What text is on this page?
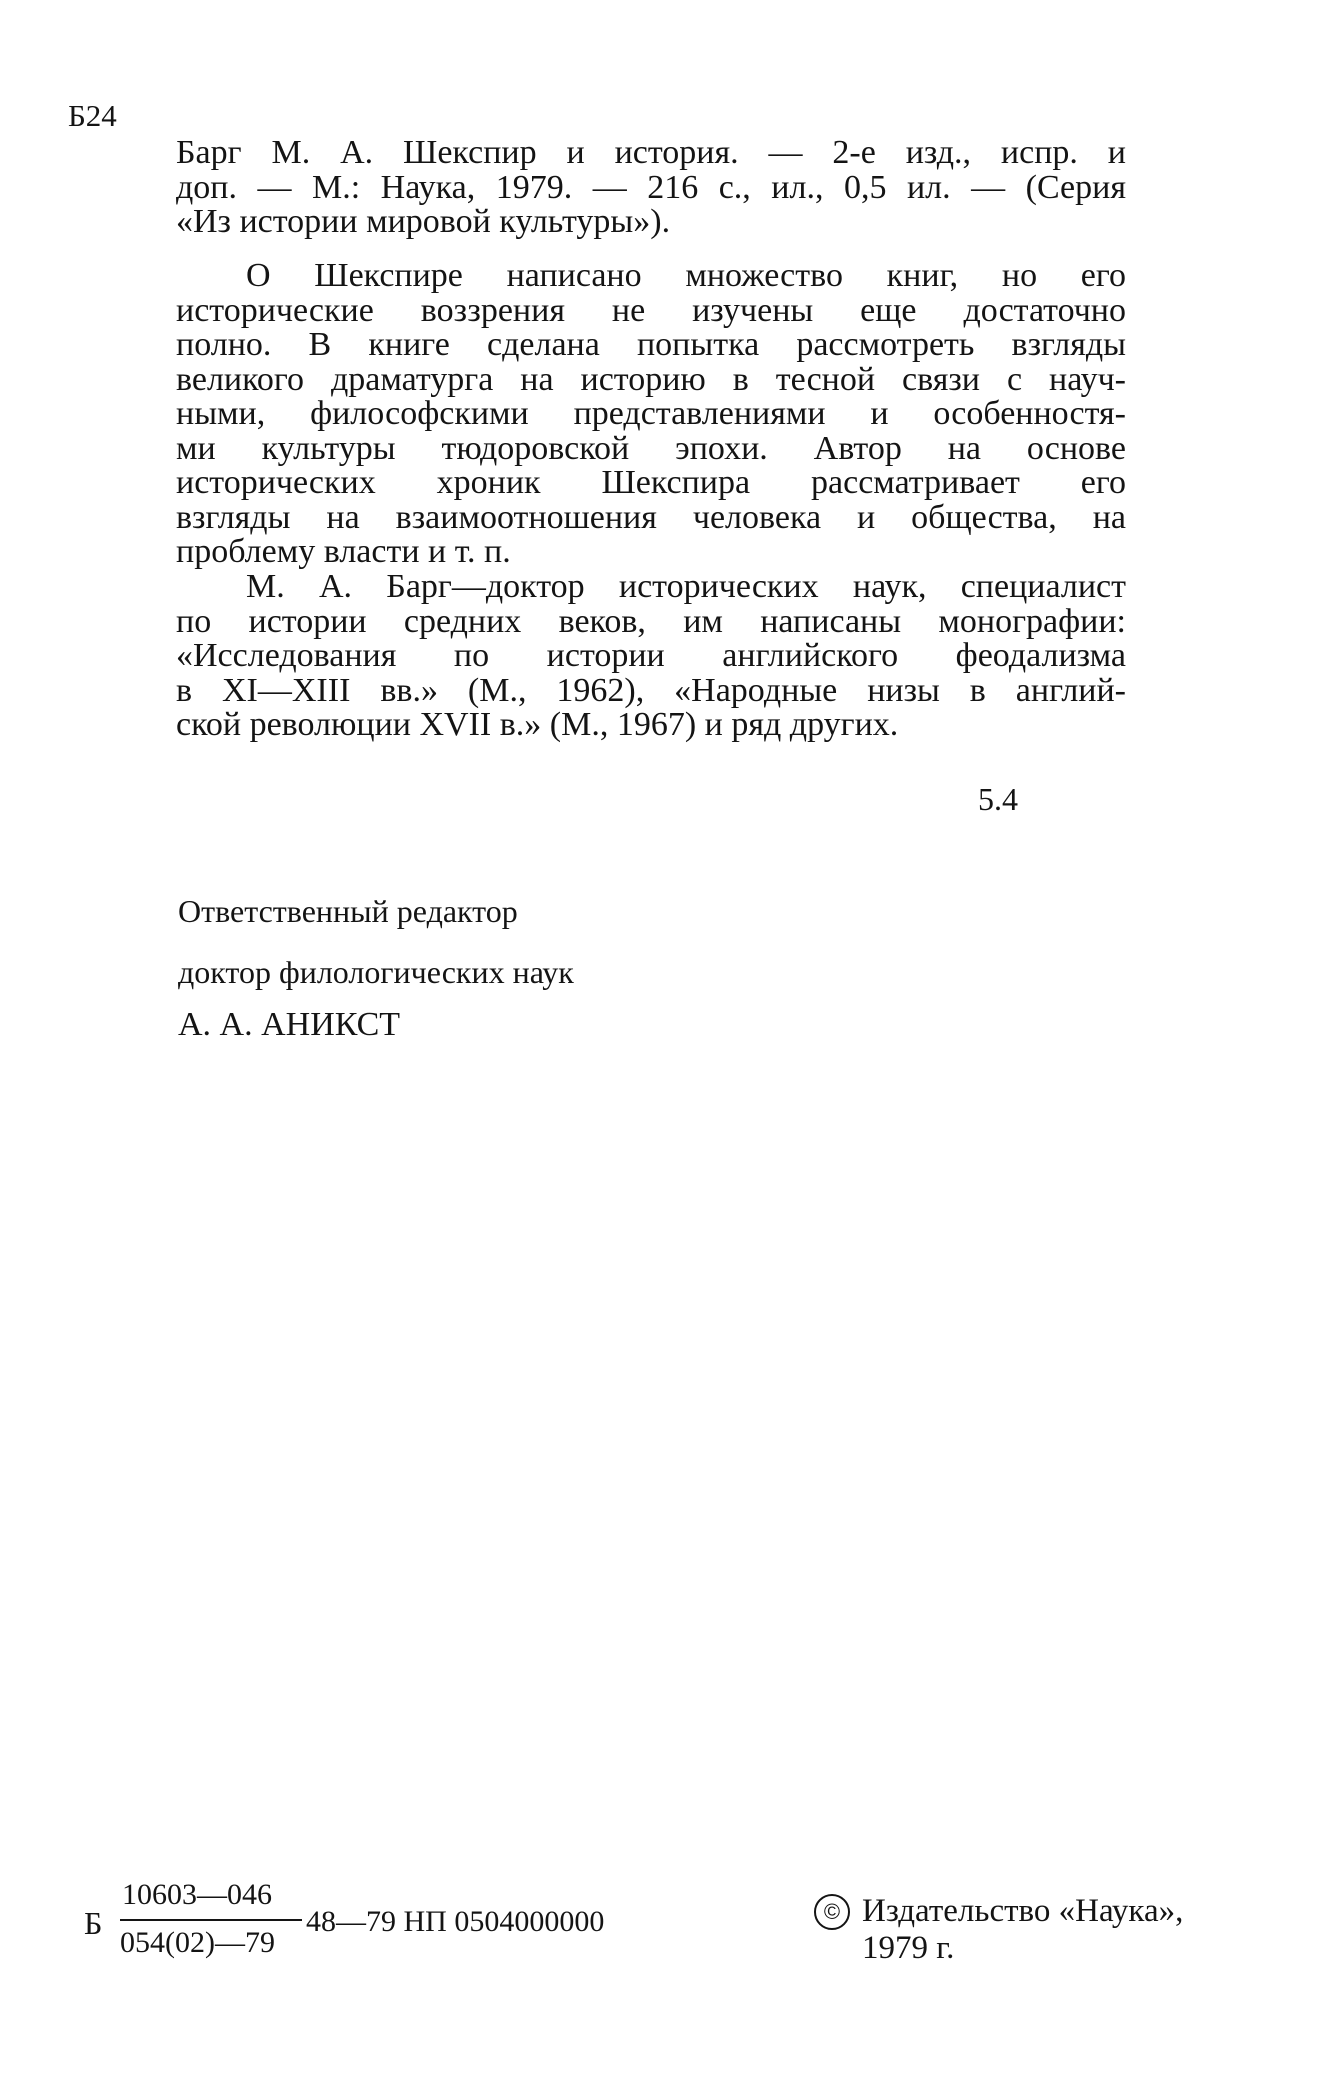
Б24
Барг М. А. Шекспир и история. — 2-е изд., испр. и
доп. — М.: Наука, 1979. — 216 с., ил., 0,5 ил. — (Серия
«Из истории мировой культуры»).
О Шекспире написано множество книг, но его
исторические воззрения не изучены еще достаточно
полно. В книге сделана попытка рассмотреть взгляды
великого драматурга на историю в тесной связи с науч-
ными, философскими представлениями и особенностя-
ми культуры тюдоровской эпохи. Автор на основе
исторических хроник Шекспира рассматривает его
взгляды на взаимоотношения человека и общества, на
проблему власти и т. п.
М. А. Барг—доктор исторических наук, специалист
по истории средних веков, им написаны монографии:
«Исследования по истории английского феодализма
в XI—XIII вв.» (М., 1962), «Народные низы в англий-
ской революции XVII в.» (М., 1967) и ряд других.
5.4
Ответственный редактор
доктор филологических наук
А. А. АНИКСТ
Б
10603—046
054(02)—79
48—79 НП 0504000000	© Издательство «Наука»,
1979 г.
